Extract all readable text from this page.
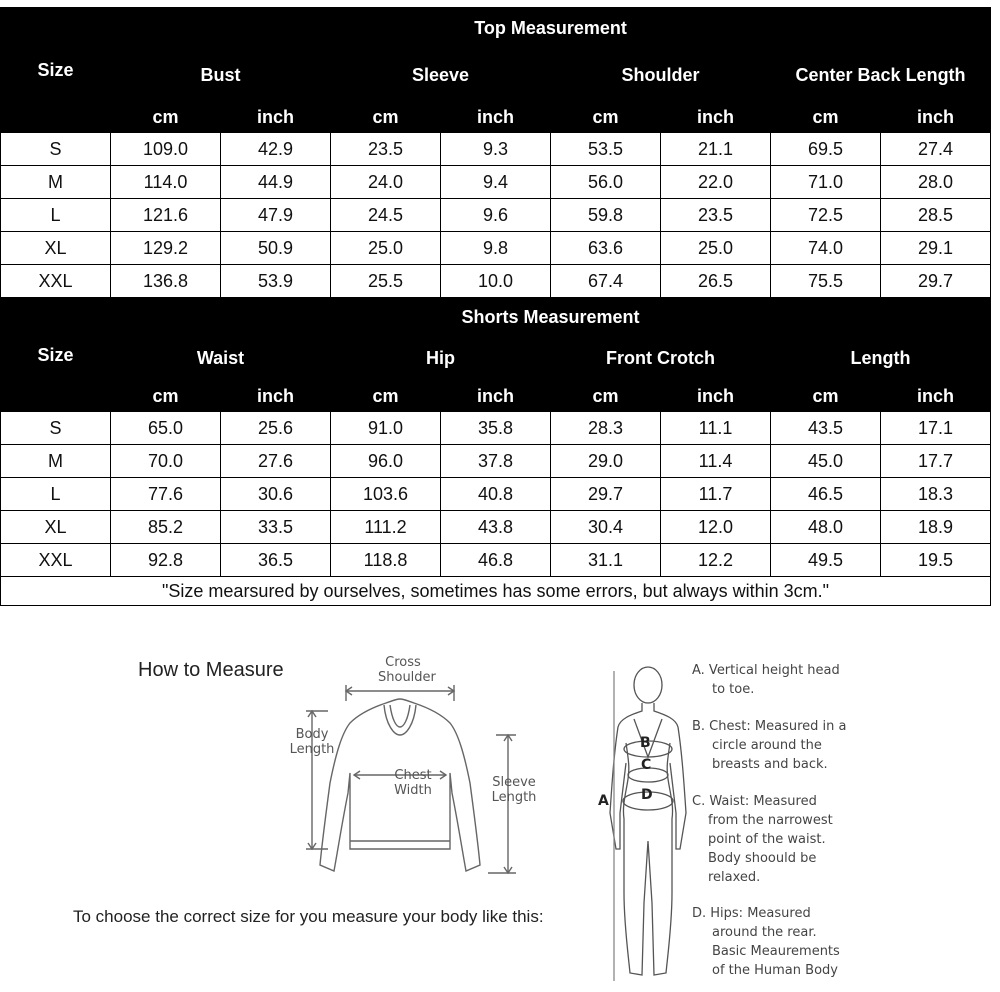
Size	Top Measurement							
	Bust		Sleeve		Shoulder		Center Back Length	
	cm	inch	cm	inch	cm	inch	cm	inch
S	109.0	42.9	23.5	9.3	53.5	21.1	69.5	27.4
M	114.0	44.9	24.0	9.4	56.0	22.0	71.0	28.0
L	121.6	47.9	24.5	9.6	59.8	23.5	72.5	28.5
XL	129.2	50.9	25.0	9.8	63.6	25.0	74.0	29.1
XXL	136.8	53.9	25.5	10.0	67.4	26.5	75.5	29.7
Size	Shorts Measurement							
	Waist		Hip		Front Crotch		Length	
	cm	inch	cm	inch	cm	inch	cm	inch
S	65.0	25.6	91.0	35.8	28.3	11.1	43.5	17.1
M	70.0	27.6	96.0	37.8	29.0	11.4	45.0	17.7
L	77.6	30.6	103.6	40.8	29.7	11.7	46.5	18.3
XL	85.2	33.5	111.2	43.8	30.4	12.0	48.0	18.9
XXL	92.8	36.5	118.8	46.8	31.1	12.2	49.5	19.5
"Size mearsured by ourselves, sometimes has some errors, but always within 3cm."								
How to Measure	Cross
Shoulder
Body
Length
Chest
Width
Sleeve
Length
To choose the correct size for you measure your body like this:
B
C
D
A
A. Vertical height head
to toe.
B. Chest: Measured in a
circle around the
breasts and back.
C. Waist: Measured
from the narrowest
point of the waist.
Body shoould be
relaxed.
D. Hips: Measured
around the rear.
Basic Meaurements
of the Human Body
